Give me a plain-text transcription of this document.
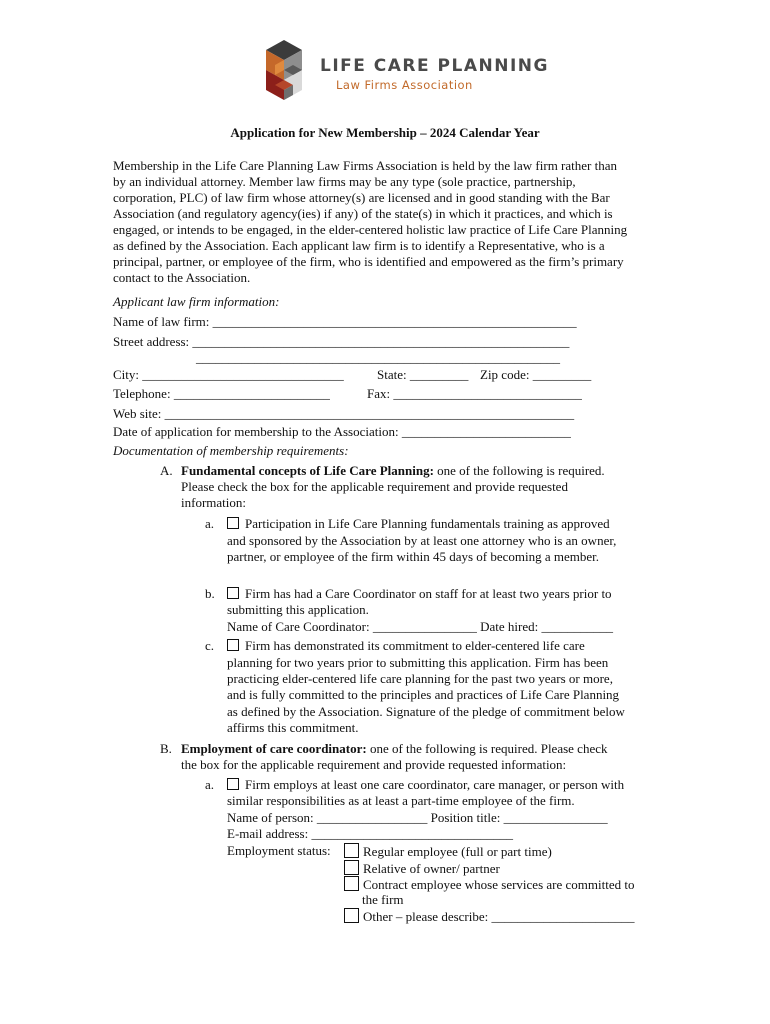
LIFE CARE PLANNING
Law Firms Association
Application for New Membership – 2024 Calendar Year
Membership in the Life Care Planning Law Firms Association is held by the law firm rather than
by an individual attorney. Member law firms may be any type (sole practice, partnership,
corporation, PLC) of law firm whose attorney(s) are licensed and in good standing with the Bar
Association (and regulatory agency(ies) if any) of the state(s) in which it practices, and which is
engaged, or intends to be engaged, in the elder-centered holistic law practice of Life Care Planning
as defined by the Association. Each applicant law firm is to identify a Representative, who is a
principal, partner, or employee of the firm, who is identified and empowered as the firm’s primary
contact to the Association.
Applicant law firm information:
Name of law firm: ________________________________________________________
Street address: __________________________________________________________
________________________________________________________
City: _______________________________	State: _________ Zip code: _________
Telephone: ________________________	Fax: _____________________________
Web site: _______________________________________________________________
Date of application for membership to the Association: __________________________
Documentation of membership requirements:
A. Fundamental concepts of Life Care Planning: one of the following is required.
Please check the box for the applicable requirement and provide requested
information:
a.	Participation in Life Care Planning fundamentals training as approved
and sponsored by the Association by at least one attorney who is an owner,
partner, or employee of the firm within 45 days of becoming a member.
b.	Firm has had a Care Coordinator on staff for at least two years prior to
submitting this application.
Name of Care Coordinator: ________________ Date hired: ___________
c.	Firm has demonstrated its commitment to elder-centered life care
planning for two years prior to submitting this application. Firm has been
practicing elder-centered life care planning for the past two years or more,
and is fully committed to the principles and practices of Life Care Planning
as defined by the Association. Signature of the pledge of commitment below
affirms this commitment.
B. Employment of care coordinator: one of the following is required. Please check
the box for the applicable requirement and provide requested information:
a.	Firm employs at least one care coordinator, care manager, or person with
similar responsibilities as at least a part-time employee of the firm.
Name of person: _________________ Position title: ________________
E-mail address: _______________________________
Employment status:	Regular employee (full or part time)
Relative of owner/ partner
Contract employee whose services are committed to
the firm
Other – please describe: ______________________
